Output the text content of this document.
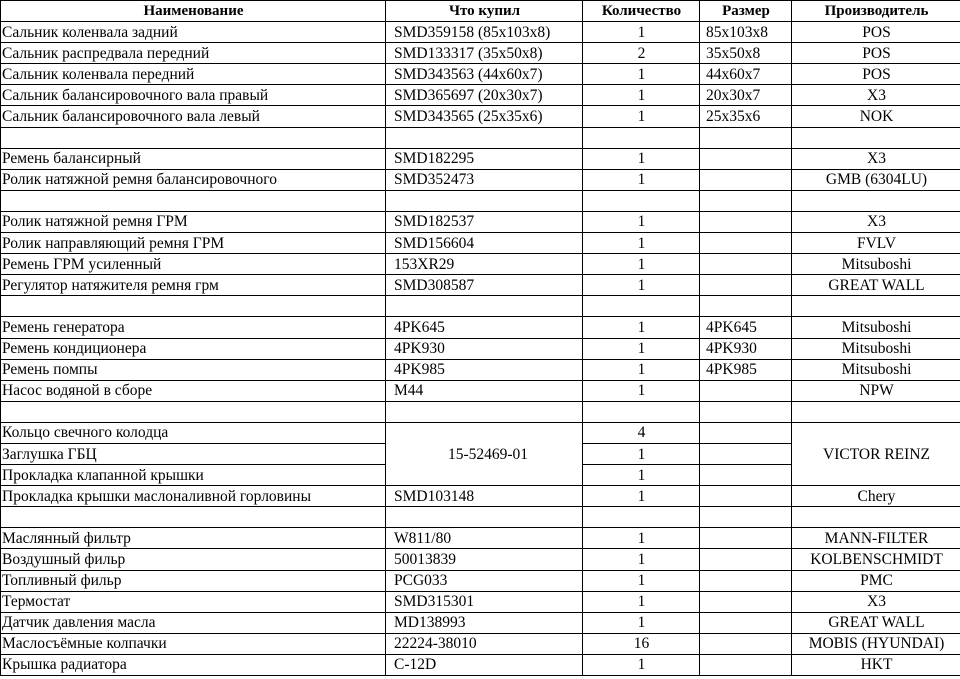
Наименование	Что купил	Количество	Размер	Производитель
Сальник коленвала задний	SMD359158 (85x103x8)	1	85x103x8	POS
Сальник распредвала передний	SMD133317 (35x50x8)	2	35x50x8	POS
Сальник коленвала передний	SMD343563 (44x60x7)	1	44x60x7	POS
Сальник балансировочного вала правый	SMD365697 (20x30x7)	1	20x30x7	X3
Сальник балансировочного вала левый	SMD343565 (25x35x6)	1	25x35x6	NOK

Ремень балансирный	SMD182295	1		X3
Ролик натяжной ремня балансировочного	SMD352473	1		GMB (6304LU)

Ролик натяжной ремня ГРМ	SMD182537	1		X3
Ролик направляющий ремня ГРМ	SMD156604	1		FVLV
Ремень ГРМ усиленный	153XR29	1		Mitsuboshi
Регулятор натяжителя ремня грм	SMD308587	1		GREAT WALL

Ремень генератора	4PK645	1	4PK645	Mitsuboshi
Ремень кондиционера	4PK930	1	4PK930	Mitsuboshi
Ремень помпы	4PK985	1	4PK985	Mitsuboshi
Насос водяной в сборе	M44	1		NPW

Кольцо свечного колодца	15-52469-01	4		VICTOR REINZ
Заглушка ГБЦ		1		
Прокладка клапанной крышки		1		
Прокладка крышки маслоналивной горловины	SMD103148	1		Chery

Маслянный фильтр	W811/80	1		MANN-FILTER
Воздушный фильр	50013839	1		KOLBENSCHMIDT
Топливный фильр	PCG033	1		PMC
Термостат	SMD315301	1		X3
Датчик давления масла	MD138993	1		GREAT WALL
Маслосъёмные колпачки	22224-38010	16		MOBIS (HYUNDAI)
Крышка радиатора	C-12D	1		HKT
